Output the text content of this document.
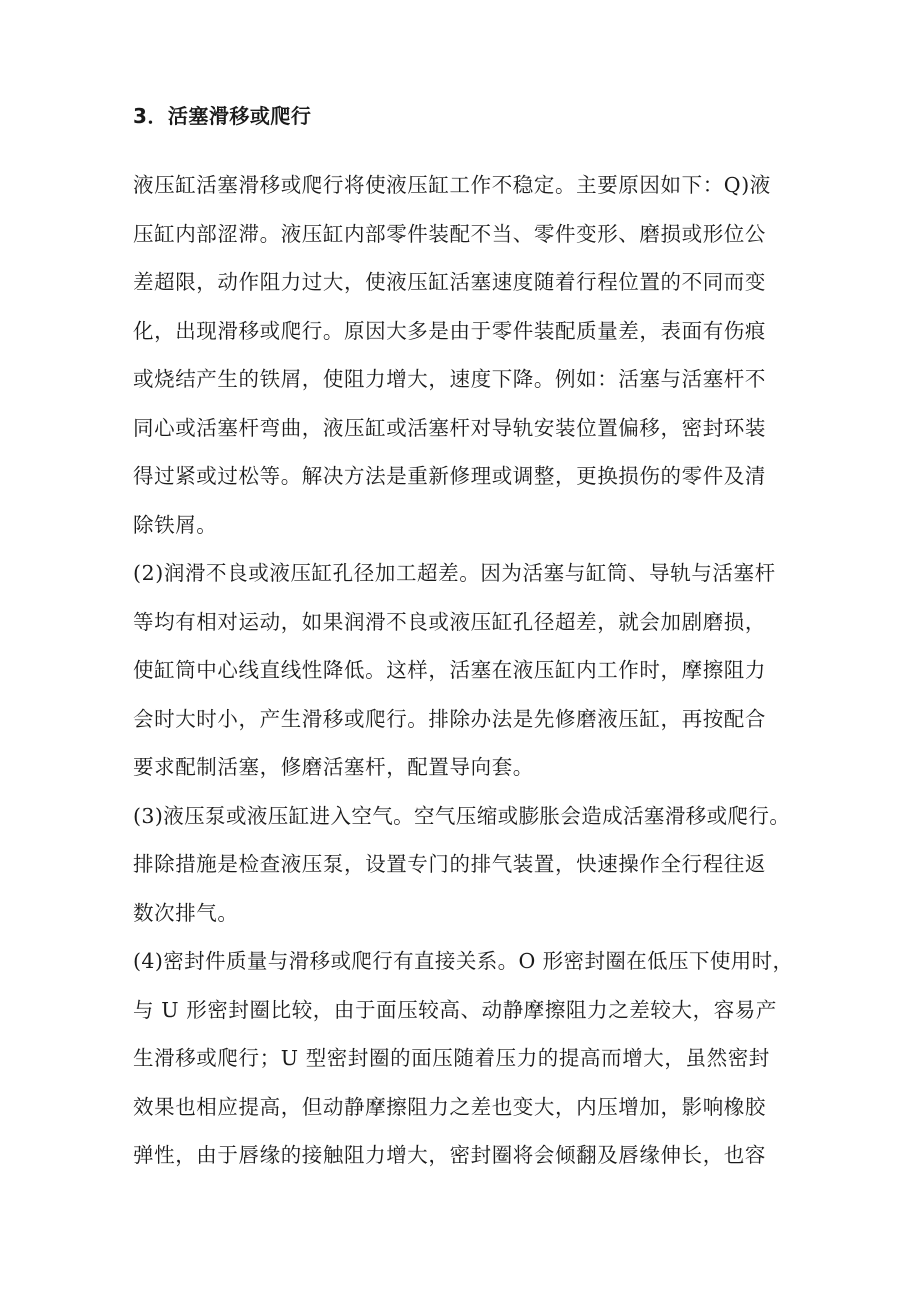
3．活塞滑移或爬行
液压缸活塞滑移或爬行将使液压缸工作不稳定。主要原因如下：Q)液
压缸内部涩滞。液压缸内部零件装配不当、零件变形、磨损或形位公
差超限，动作阻力过大，使液压缸活塞速度随着行程位置的不同而变
化，出现滑移或爬行。原因大多是由于零件装配质量差，表面有伤痕
或烧结产生的铁屑，使阻力增大，速度下降。例如：活塞与活塞杆不
同心或活塞杆弯曲，液压缸或活塞杆对导轨安装位置偏移，密封环装
得过紧或过松等。解决方法是重新修理或调整，更换损伤的零件及清
除铁屑。
(2)润滑不良或液压缸孔径加工超差。因为活塞与缸筒、导轨与活塞杆
等均有相对运动，如果润滑不良或液压缸孔径超差，就会加剧磨损，
使缸筒中心线直线性降低。这样，活塞在液压缸内工作时，摩擦阻力
会时大时小，产生滑移或爬行。排除办法是先修磨液压缸，再按配合
要求配制活塞，修磨活塞杆，配置导向套。
(3)液压泵或液压缸进入空气。空气压缩或膨胀会造成活塞滑移或爬行。
排除措施是检查液压泵，设置专门的排气装置，快速操作全行程往返
数次排气。
(4)密封件质量与滑移或爬行有直接关系。O 形密封圈在低压下使用时，
与 U 形密封圈比较，由于面压较高、动静摩擦阻力之差较大，容易产
生滑移或爬行；U 型密封圈的面压随着压力的提高而增大，虽然密封
效果也相应提高，但动静摩擦阻力之差也变大，内压增加，影响橡胶
弹性，由于唇缘的接触阻力增大，密封圈将会倾翻及唇缘伸长，也容
